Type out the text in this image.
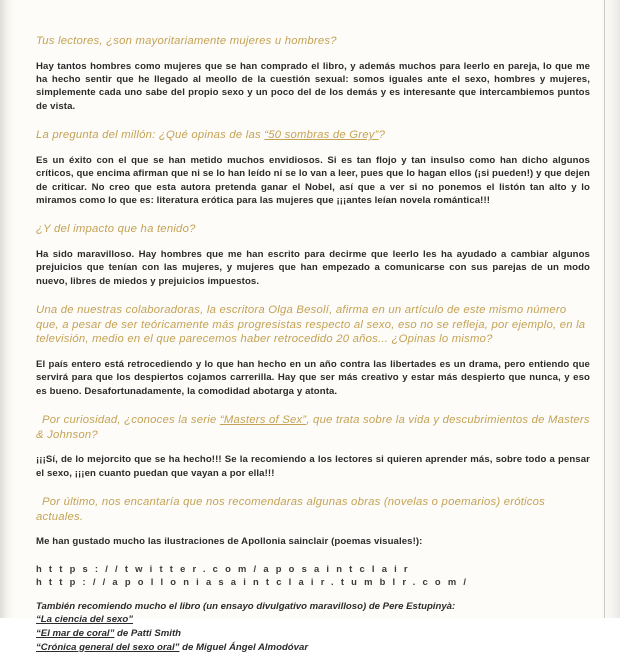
Tus lectores, ¿son mayoritariamente mujeres u hombres?

Hay tantos hombres como mujeres que se han comprado el libro, y además muchos para leerlo en pareja, lo que me ha hecho sentir que he llegado al meollo de la cuestión sexual: somos iguales ante el sexo, hombres y mujeres, simplemente cada uno sabe del propio sexo y un poco del de los demás y es interesante que intercambiemos puntos de vista.

La pregunta del millón: ¿Qué opinas de las “50 sombras de Grey”?

Es un éxito con el que se han metido muchos envidiosos. Si es tan flojo y tan insulso como han dicho algunos críticos, que encima afirman que ni se lo han leído ni se lo van a leer, pues que lo hagan ellos (¡si pueden!) y que dejen de criticar. No creo que esta autora pretenda ganar el Nobel, así que a ver si no ponemos el listón tan alto y lo miramos como lo que es: literatura erótica para las mujeres que ¡¡¡antes leían novela romántica!!!

¿Y del impacto que ha tenido?

Ha sido maravilloso. Hay hombres que me han escrito para decirme que leerlo les ha ayudado a cambiar algunos prejuicios que tenían con las mujeres, y mujeres que han empezado a comunicarse con sus parejas de un modo nuevo, libres de miedos y prejuicios impuestos.

Una de nuestras colaboradoras, la escritora Olga Besolí, afirma en un artículo de este mismo número que, a pesar de ser teóricamente más progresistas respecto al sexo, eso no se refleja, por ejemplo, en la televisión, medio en el que parecemos haber retrocedido 20 años... ¿Opinas lo mismo?

El país entero está retrocediendo y lo que han hecho en un año contra las libertades es un drama, pero entiendo que servirá para que los despiertos cojamos carrerilla. Hay que ser más creativo y estar más despierto que nunca, y eso es bueno. Desafortunadamente, la comodidad abotarga y atonta.

Por curiosidad, ¿conoces la serie “Masters of Sex”, que trata sobre la vida y descubrimientos de Masters & Johnson?

¡¡¡Sí, de lo mejorcito que se ha hecho!!! Se la recomiendo a los lectores si quieren aprender más, sobre todo a pensar el sexo, ¡¡¡en cuanto puedan que vayan a por ella!!!

Por último, nos encantaría que nos recomendaras algunas obras (novelas o poemarios) eróticos actuales.

Me han gustado mucho las ilustraciones de Apollonia sainclair (poemas visuales!):

https://twitter.com/aposaintclair
http://apolloniasaintclair.tumblr.com/

También recomiendo mucho el libro (un ensayo divulgativo maravilloso) de Pere Estupinyà:

“La ciencia del sexo”

“El mar de coral” de Patti Smith

“Crónica general del sexo oral” de Miguel Ángel Almodóvar
